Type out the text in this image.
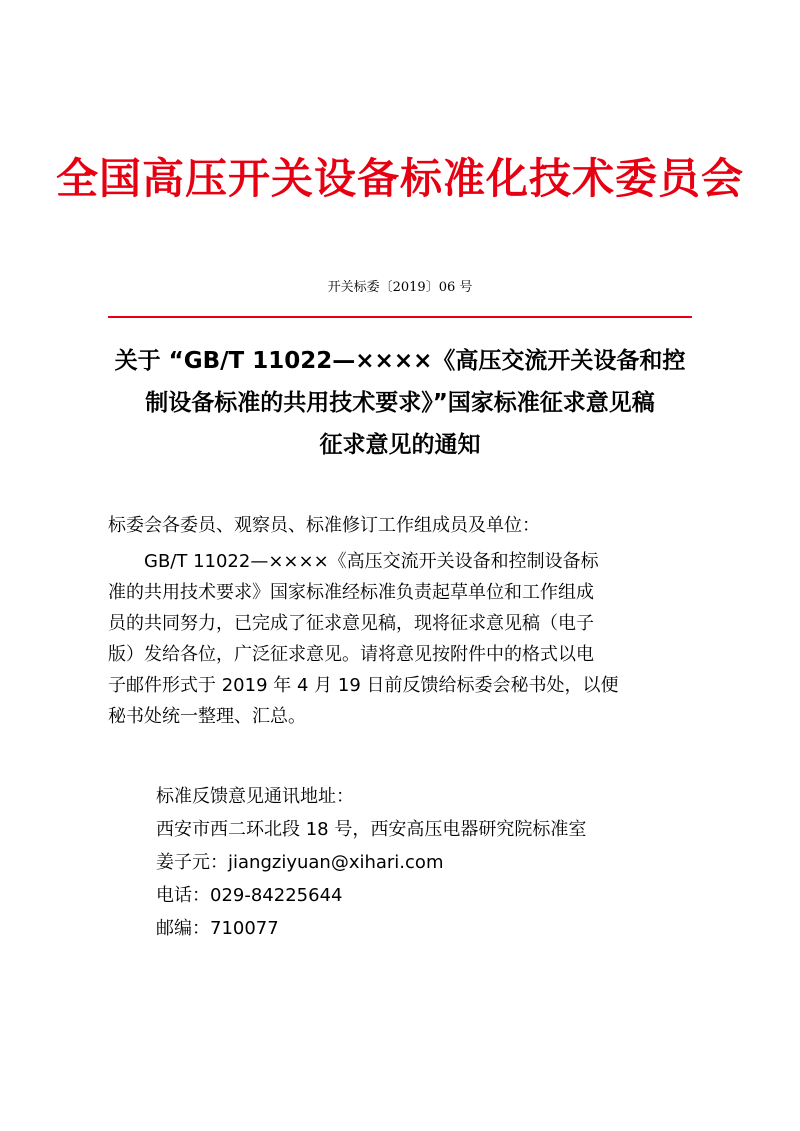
全国高压开关设备标准化技术委员会
开关标委〔2019〕06 号
关于 “GB/T 11022—××××《高压交流开关设备和控
制设备标准的共用技术要求》”国家标准征求意见稿
征求意见的通知
标委会各委员、观察员、标准修订工作组成员及单位：
GB/T 11022—××××《高压交流开关设备和控制设备标
准的共用技术要求》国家标准经标准负责起草单位和工作组成
员的共同努力，已完成了征求意见稿，现将征求意见稿（电子
版）发给各位，广泛征求意见。请将意见按附件中的格式以电
子邮件形式于 2019 年 4 月 19 日前反馈给标委会秘书处，以便
秘书处统一整理、汇总。
标准反馈意见通讯地址：
西安市西二环北段 18 号，西安高压电器研究院标准室
姜子元：jiangziyuan@xihari.com
电话：029-84225644
邮编：710077
